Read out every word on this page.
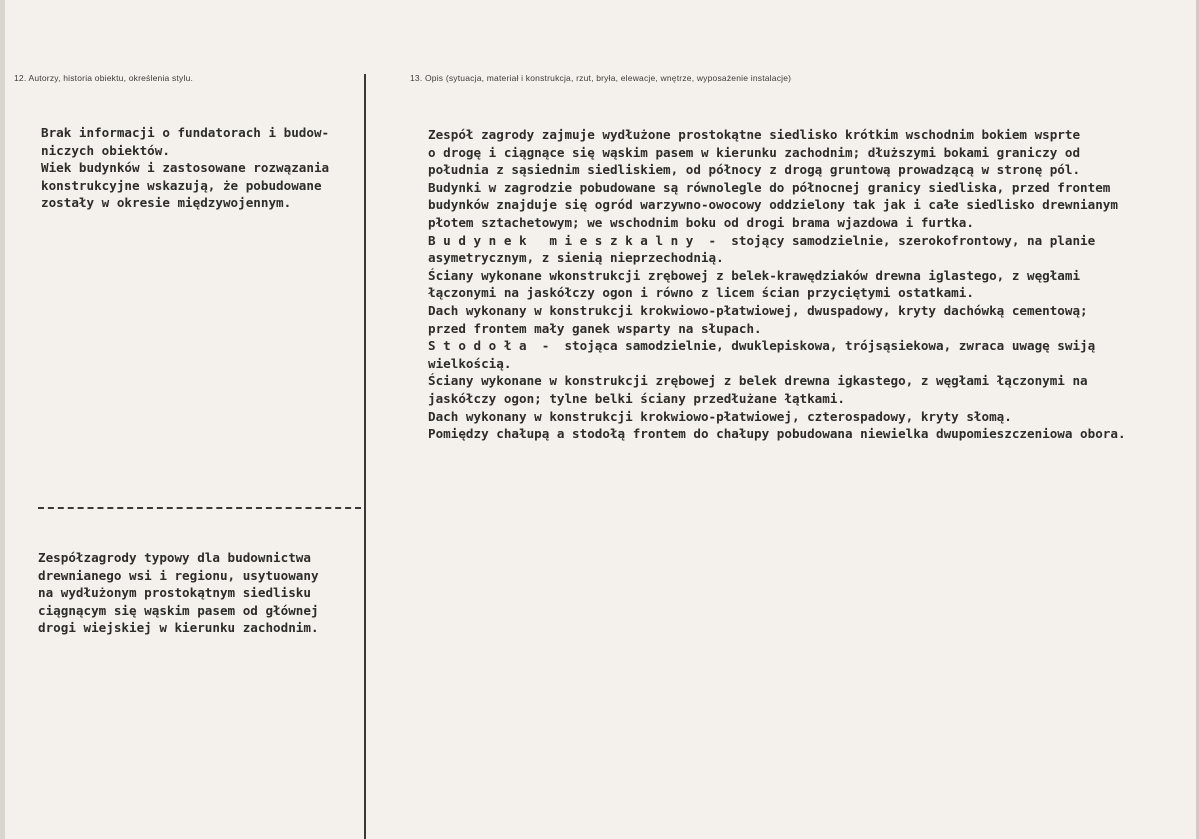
12. Autorzy, historia obiektu, określenia stylu.	13. Opis (sytuacja, materiał i konstrukcja, rzut, bryła, elewacje, wnętrze, wyposażenie instalacje)
Brak informacji o fundatorach i budow-
niczych obiektów.
Wiek budynków i zastosowane rozwązania
konstrukcyjne wskazują, że pobudowane
zostały w okresie międzywojennym.
Zespółzagrody typowy dla budownictwa
drewnianego wsi i regionu, usytuowany
na wydłużonym prostokątnym siedlisku
ciągnącym się wąskim pasem od głównej
drogi wiejskiej w kierunku zachodnim.
Zespół zagrody zajmuje wydłużone prostokątne siedlisko krótkim wschodnim bokiem wsprte
o drogę i ciągnące się wąskim pasem w kierunku zachodnim; dłuższymi bokami graniczy od
południa z sąsiednim siedliskiem, od północy z drogą gruntową prowadzącą w stronę pól.
Budynki w zagrodzie pobudowane są równolegle do północnej granicy siedliska, przed frontem
budynków znajduje się ogród warzywno-owocowy oddzielony tak jak i całe siedlisko drewnianym
płotem sztachetowym; we wschodnim boku od drogi brama wjazdowa i furtka.
B u d y n e k   m i e s z k a l n y  -  stojący samodzielnie, szerokofrontowy, na planie
asymetrycznym, z sienią nieprzechodnią.
Ściany wykonane wkonstrukcji zrębowej z belek-krawędziaków drewna iglastego, z węgłami
łączonymi na jaskółczy ogon i równo z licem ścian przyciętymi ostatkami.
Dach wykonany w konstrukcji krokwiowo-płatwiowej, dwuspadowy, kryty dachówką cementową;
przed frontem mały ganek wsparty na słupach.
S t o d o ł a  -  stojąca samodzielnie, dwuklepiskowa, trójsąsiekowa, zwraca uwagę swiją
wielkością.
Ściany wykonane w konstrukcji zrębowej z belek drewna igkastego, z węgłami łączonymi na
jaskółczy ogon; tylne belki ściany przedłużane łątkami.
Dach wykonany w konstrukcji krokwiowo-płatwiowej, czterospadowy, kryty słomą.
Pomiędzy chałupą a stodołą frontem do chałupy pobudowana niewielka dwupomieszczeniowa obora.
